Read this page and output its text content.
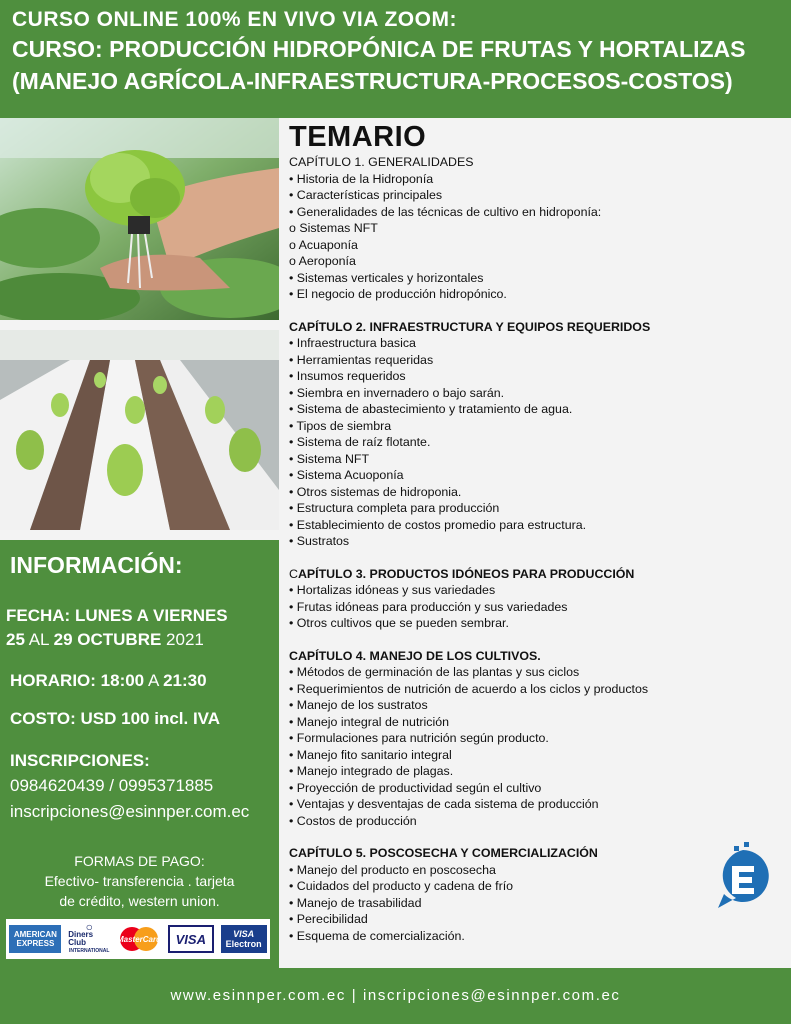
CURSO ONLINE 100% EN VIVO VIA ZOOM:
CURSO: PRODUCCIÓN HIDROPÓNICA DE FRUTAS Y HORTALIZAS
(MANEJO AGRÍCOLA-INFRAESTRUCTURA-PROCESOS-COSTOS)
INFORMACIÓN:
FECHA: LUNES A VIERNES
25 AL 29 OCTUBRE 2021
HORARIO: 18:00 A 21:30
COSTO: USD 100 incl. IVA
INSCRIPCIONES:
0984620439 / 0995371885
inscripciones@esinnper.com.ec
FORMAS DE PAGO:
Efectivo- transferencia . tarjeta
de crédito, western union.
AMERICAN
EXPRESS
○
Diners Club
INTERNATIONAL
MasterCard	VISA	VISA
Electron
TEMARIO
CAPÍTULO 1. GENERALIDADES
• Historia de la Hidroponía
• Características principales
• Generalidades de las técnicas de cultivo en hidroponía:
o Sistemas NFT
o Acuaponía
o Aeroponía
• Sistemas verticales y horizontales
• El negocio de producción hidropónico.
CAPÍTULO 2. INFRAESTRUCTURA Y EQUIPOS REQUERIDOS
• Infraestructura basica
• Herramientas requeridas
• Insumos requeridos
• Siembra en invernadero o bajo sarán.
• Sistema de abastecimiento y tratamiento de agua.
• Tipos de siembra
• Sistema de raíz flotante.
• Sistema NFT
• Sistema Acuoponía
• Otros sistemas de hidroponia.
• Estructura completa para producción
• Establecimiento de costos promedio para estructura.
• Sustratos
CAPÍTULO 3. PRODUCTOS IDÓNEOS PARA PRODUCCIÓN
• Hortalizas idóneas y sus variedades
• Frutas idóneas para producción y sus variedades
• Otros cultivos que se pueden sembrar.
CAPÍTULO 4. MANEJO DE LOS CULTIVOS.
• Métodos de germinación de las plantas y sus ciclos
• Requerimientos de nutrición de acuerdo a los ciclos y productos
• Manejo de los sustratos
• Manejo integral de nutrición
• Formulaciones para nutrición según producto.
• Manejo fito sanitario integral
• Manejo integrado de plagas.
• Proyección de productividad según el cultivo
• Ventajas y desventajas de cada sistema de producción
• Costos de producción
CAPÍTULO 5. POSCOSECHA Y COMERCIALIZACIÓN
• Manejo del producto en poscosecha
• Cuidados del producto y cadena de frío
• Manejo de trasabilidad
• Perecibilidad
• Esquema de comercialización.
www.esinnper.com.ec | inscripciones@esinnper.com.ec
